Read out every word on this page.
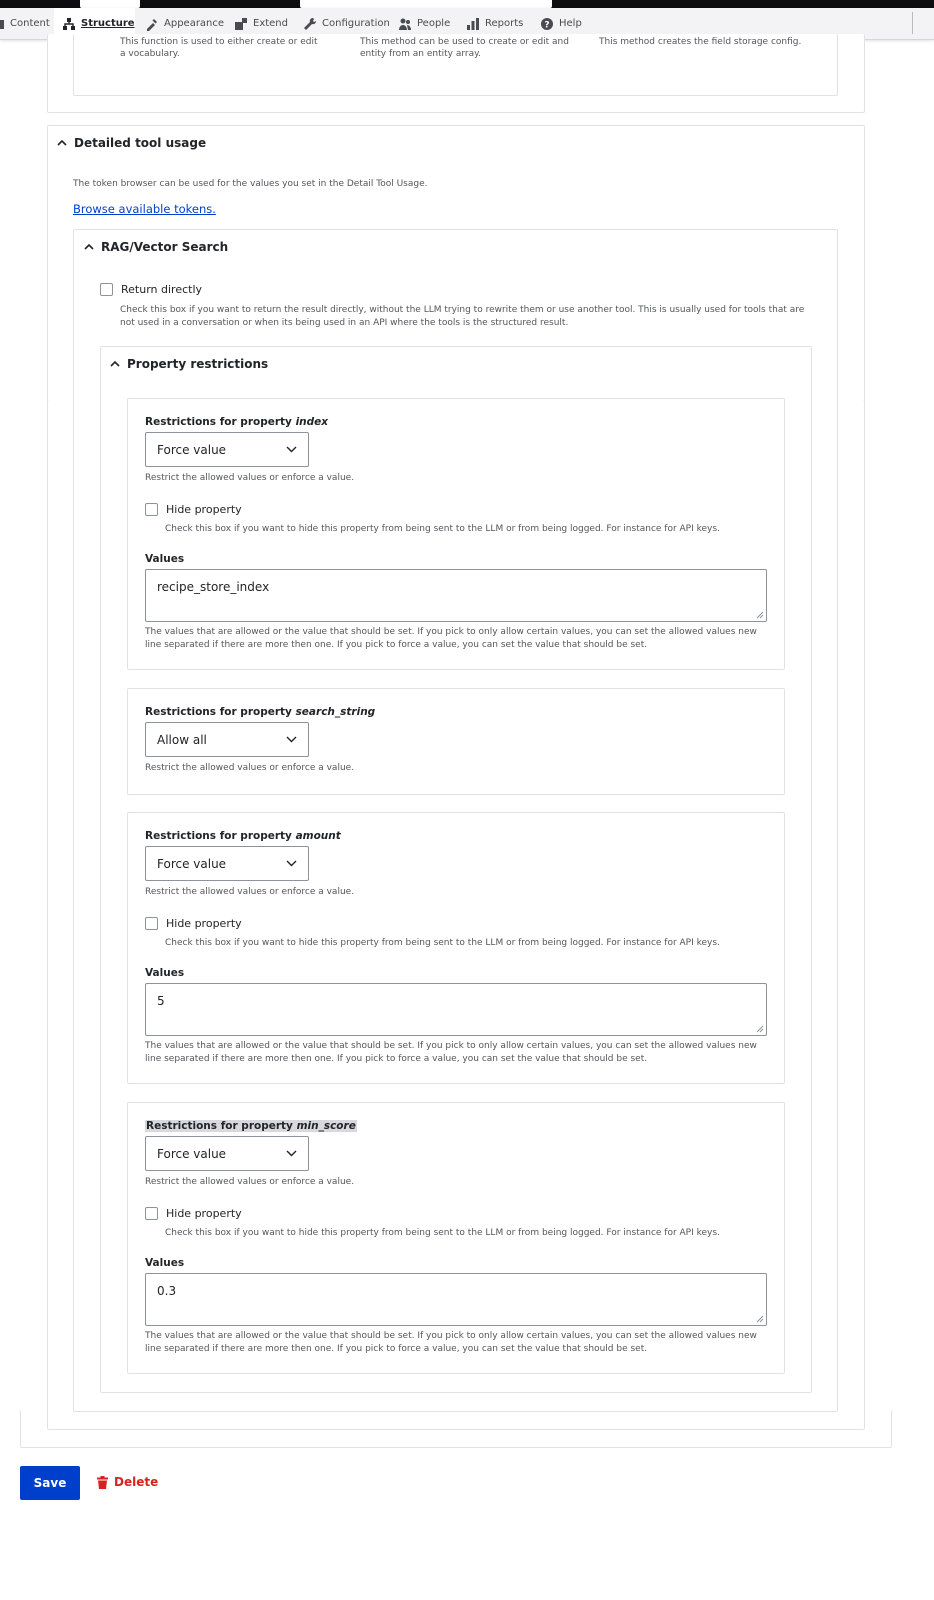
Content	Structure	Appearance	Extend	Configuration	People	Reports ? Help
This function is used to either create or edit a vocabulary.
This method can be used to create or edit and entity from an entity array.
This method creates the field storage config.
Detailed tool usage
The token browser can be used for the values you set in the Detail Tool Usage.
Browse available tokens.
RAG/Vector Search
Return directly
Check this box if you want to return the result directly, without the LLM trying to rewrite them or use another tool. This is usually used for tools that are not used in a conversation or when its being used in an API where the tools is the structured result.
Property restrictions
Restrictions for property index
Force value
Restrict the allowed values or enforce a value.
Hide property
Check this box if you want to hide this property from being sent to the LLM or from being logged. For instance for API keys.
Values
recipe_store_index
The values that are allowed or the value that should be set. If you pick to only allow certain values, you can set the allowed values new line separated if there are more then one. If you pick to force a value, you can set the value that should be set.
Restrictions for property search_string
Allow all
Restrict the allowed values or enforce a value.
Restrictions for property amount
Force value
Restrict the allowed values or enforce a value.
Hide property
Check this box if you want to hide this property from being sent to the LLM or from being logged. For instance for API keys.
Values
5
The values that are allowed or the value that should be set. If you pick to only allow certain values, you can set the allowed values new line separated if there are more then one. If you pick to force a value, you can set the value that should be set.
Restrictions for property min_score
Force value
Restrict the allowed values or enforce a value.
Hide property
Check this box if you want to hide this property from being sent to the LLM or from being logged. For instance for API keys.
Values
0.3
The values that are allowed or the value that should be set. If you pick to only allow certain values, you can set the allowed values new line separated if there are more then one. If you pick to force a value, you can set the value that should be set.
Save	Delete
